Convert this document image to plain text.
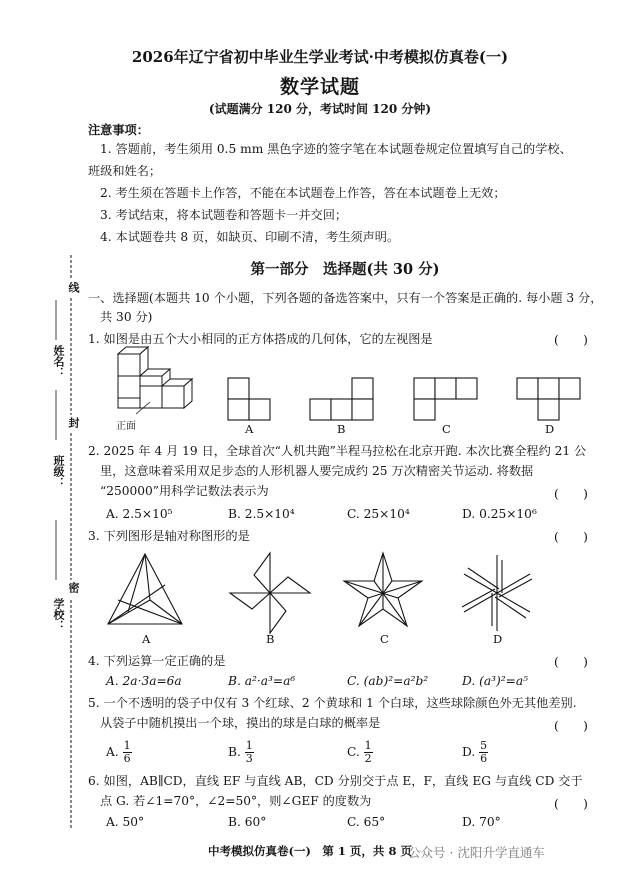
2026年辽宁省初中毕业生学业考试·中考模拟仿真卷(一)
数学试题
(试题满分 120 分，考试时间 120 分钟)
注意事项：
1. 答题前，考生须用 0.5 mm 黑色字迹的签字笔在本试题卷规定位置填写自己的学校、
班级和姓名；
2. 考生须在答题卡上作答，不能在本试题卷上作答，答在本试题卷上无效；
3. 考试结束，将本试题卷和答题卡一并交回；
4. 本试题卷共 8 页，如缺页、印刷不清，考生须声明。
线
封
密
姓名：
班级：
学校：
第一部分　选择题(共 30 分)
一、选择题(本题共 10 个小题，下列各题的备选答案中，只有一个答案是正确的. 每小题 3 分，
共 30 分)
1. 如图是由五个大小相同的正方体搭成的几何体，它的左视图是	(　　)
正面	A	B	C	D
2. 2025 年 4 月 19 日，全球首次“人机共跑”半程马拉松在北京开跑. 本次比赛全程约 21 公
里，这意味着采用双足步态的人形机器人要完成约 25 万次精密关节运动. 将数据
“250000”用科学记数法表示为	(　　)
A. 2.5×10⁵	B. 2.5×10⁴	C. 25×10⁴	D. 0.25×10⁶
3. 下列图形是轴对称图形的是	(　　)
A	B	C	D
4. 下列运算一定正确的是	(　　)
A. 2a·3a=6a	B. a²·a³=a⁶	C. (ab)²=a²b²	D. (a³)²=a⁵
5. 一个不透明的袋子中仅有 3 个红球、2 个黄球和 1 个白球，这些球除颜色外无其他差别.
从袋子中随机摸出一个球，摸出的球是白球的概率是	(　　)
A. $\frac{1}{6}$	B. $\frac{1}{3}$	C. $\frac{1}{2}$	D. $\frac{5}{6}$
6. 如图，AB∥CD，直线 EF 与直线 AB，CD 分别交于点 E，F，直线 EG 与直线 CD 交于
点 G. 若∠1=70°，∠2=50°，则∠GEF 的度数为	(　　)
A. 50°	B. 60°	C. 65°	D. 70°
中考模拟仿真卷(一)　第 1 页，共 8 页
公众号 · 沈阳升学直通车
